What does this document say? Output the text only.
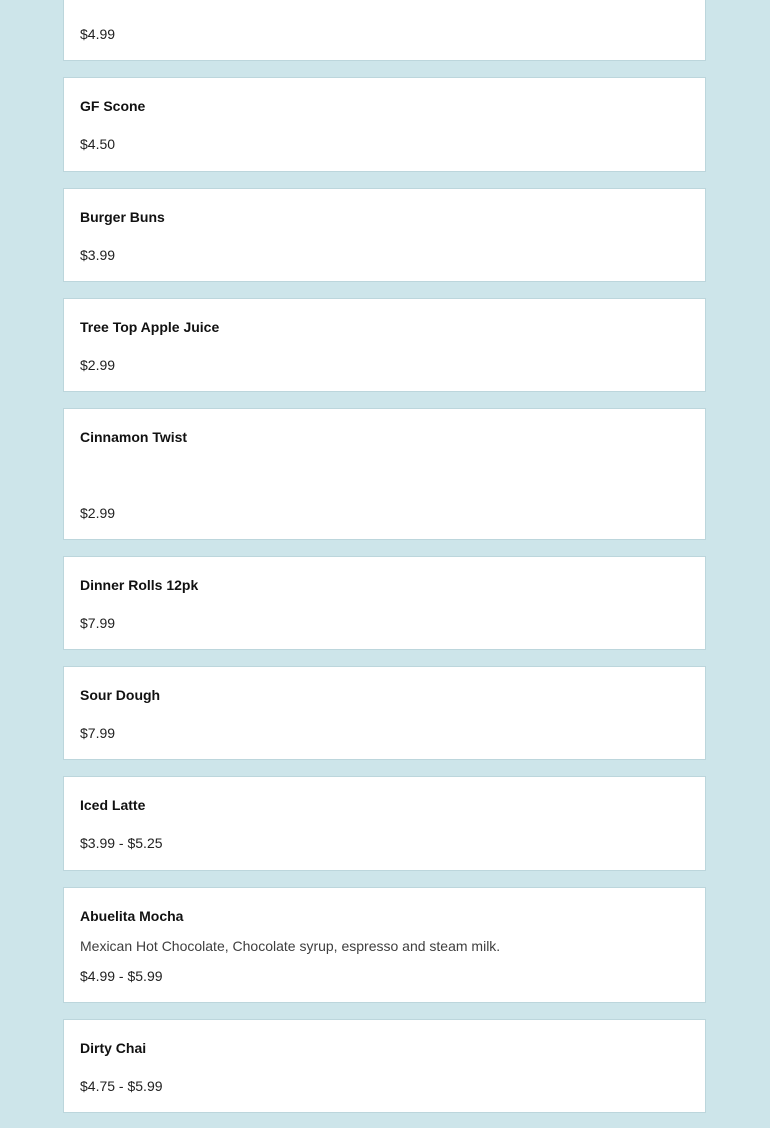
$4.99
GF Scone
$4.50
Burger Buns
$3.99
Tree Top Apple Juice
$2.99
Cinnamon Twist
$2.99
Dinner Rolls 12pk
$7.99
Sour Dough
$7.99
Iced Latte
$3.99 - $5.25
Abuelita Mocha
Mexican Hot Chocolate, Chocolate syrup, espresso and steam milk.
$4.99 - $5.99
Dirty Chai
$4.75 - $5.99
